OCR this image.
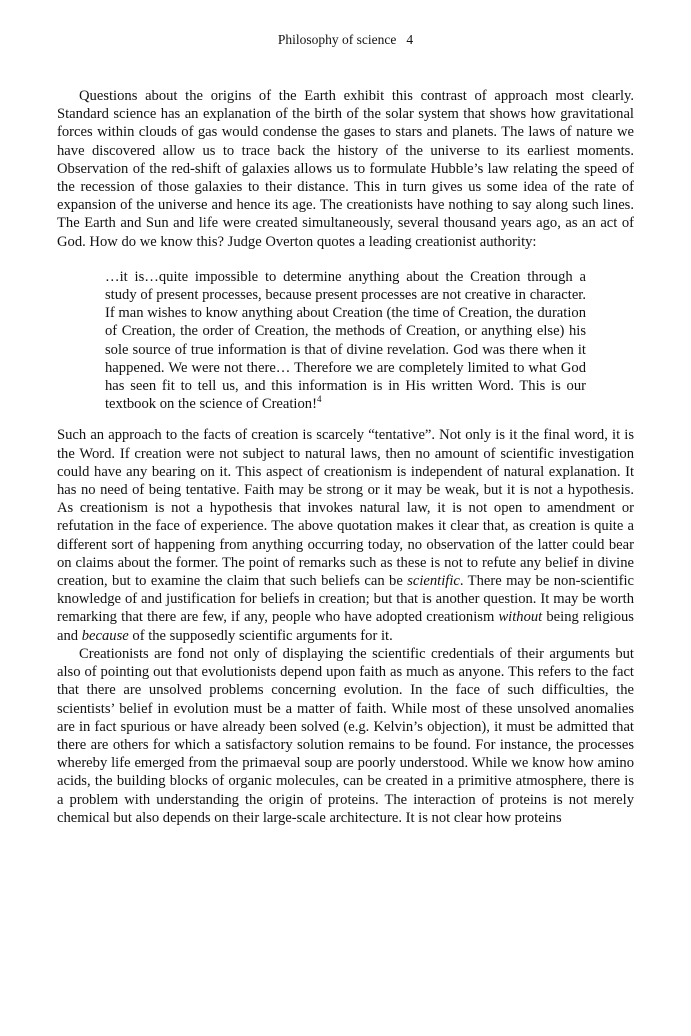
Philosophy of science 4

Questions about the origins of the Earth exhibit this contrast of approach most clearly. Standard science has an explanation of the birth of the solar system that shows how gravitational forces within clouds of gas would condense the gases to stars and planets. The laws of nature we have discovered allow us to trace back the history of the universe to its earliest moments. Observation of the red-shift of galaxies allows us to formulate Hubble’s law relating the speed of the recession of those galaxies to their distance. This in turn gives us some idea of the rate of expansion of the universe and hence its age. The creationists have nothing to say along such lines. The Earth and Sun and life were created simultaneously, several thousand years ago, as an act of God. How do we know this? Judge Overton quotes a leading creationist authority:

…it is…quite impossible to determine anything about the Creation through a study of present processes, because present processes are not creative in character. If man wishes to know anything about Creation (the time of Creation, the duration of Creation, the order of Creation, the methods of Creation, or anything else) his sole source of true information is that of divine revelation. God was there when it happened. We were not there… Therefore we are completely limited to what God has seen fit to tell us, and this information is in His written Word. This is our textbook on the science of Creation!$^4$

Such an approach to the facts of creation is scarcely “tentative”. Not only is it the final word, it is the Word. If creation were not subject to natural laws, then no amount of scientific investigation could have any bearing on it. This aspect of creationism is independent of natural explanation. It has no need of being tentative. Faith may be strong or it may be weak, but it is not a hypothesis. As creationism is not a hypothesis that invokes natural law, it is not open to amendment or refutation in the face of experience. The above quotation makes it clear that, as creation is quite a different sort of happening from anything occurring today, no observation of the latter could bear on claims about the former. The point of remarks such as these is not to refute any belief in divine creation, but to examine the claim that such beliefs can be scientific. There may be non-scientific knowledge of and justification for beliefs in creation; but that is another question. It may be worth remarking that there are few, if any, people who have adopted creationism without being religious and because of the supposedly scientific arguments for it.

Creationists are fond not only of displaying the scientific credentials of their arguments but also of pointing out that evolutionists depend upon faith as much as anyone. This refers to the fact that there are unsolved problems concerning evolution. In the face of such difficulties, the scientists’ belief in evolution must be a matter of faith. While most of these unsolved anomalies are in fact spurious or have already been solved (e.g. Kelvin’s objection), it must be admitted that there are others for which a satisfactory solution remains to be found. For instance, the processes whereby life emerged from the primaeval soup are poorly understood. While we know how amino acids, the building blocks of organic molecules, can be created in a primitive atmosphere, there is a problem with understanding the origin of proteins. The interaction of proteins is not merely chemical but also depends on their large-scale architecture. It is not clear how proteins
